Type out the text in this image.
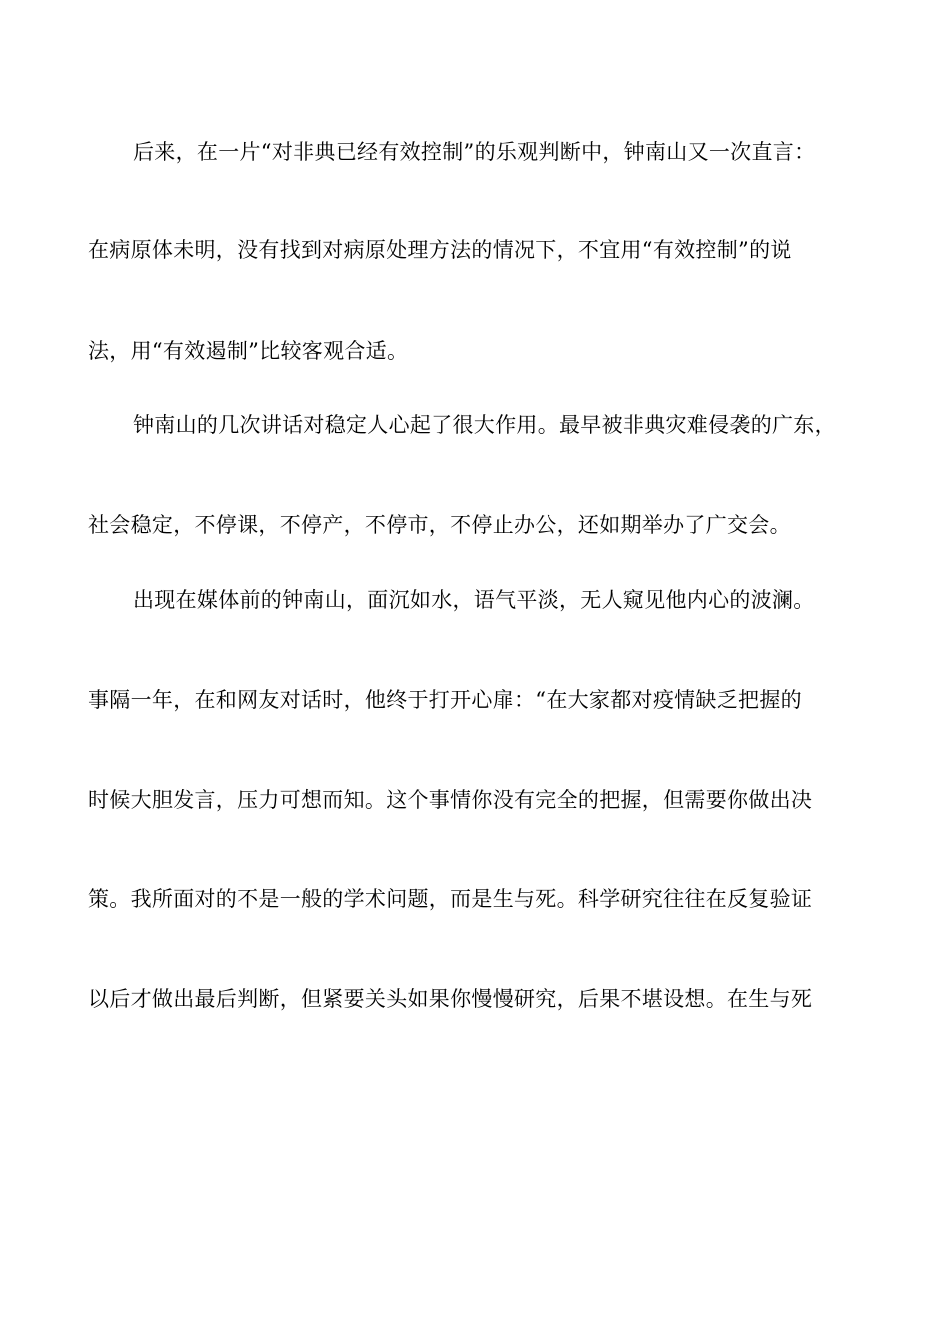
后来，在一片“对非典已经有效控制”的乐观判断中，钟南山又一次直言：
在病原体未明，没有找到对病原处理方法的情况下，不宜用“有效控制”的说
法，用“有效遏制”比较客观合适。
钟南山的几次讲话对稳定人心起了很大作用。最早被非典灾难侵袭的广东，
社会稳定，不停课，不停产，不停市，不停止办公，还如期举办了广交会。
出现在媒体前的钟南山，面沉如水，语气平淡，无人窥见他内心的波澜。
事隔一年，在和网友对话时，他终于打开心扉：“在大家都对疫情缺乏把握的
时候大胆发言，压力可想而知。这个事情你没有完全的把握，但需要你做出决
策。我所面对的不是一般的学术问题，而是生与死。科学研究往往在反复验证
以后才做出最后判断，但紧要关头如果你慢慢研究，后果不堪设想。在生与死
